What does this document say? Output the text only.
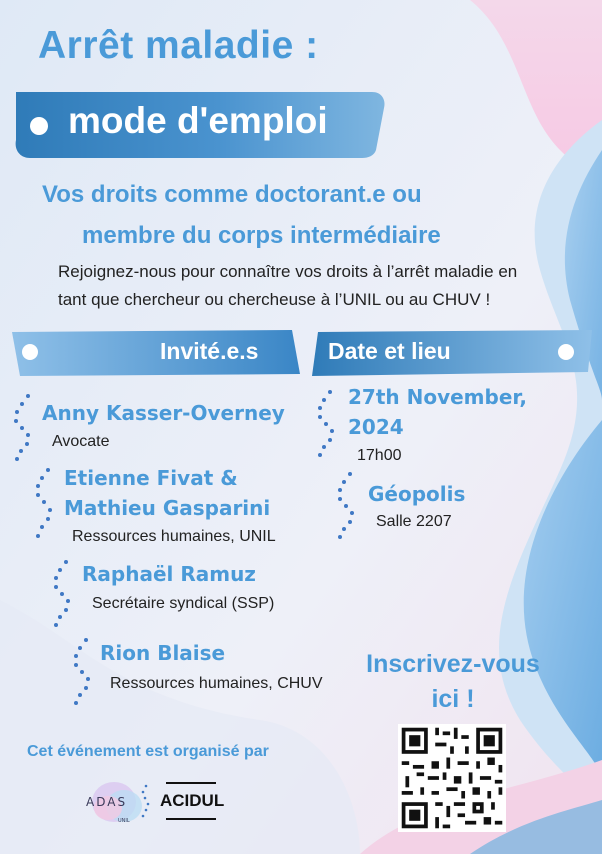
Arrêt maladie :
mode d'emploi
Vos droits comme doctorant.e ou
membre du corps intermédiaire
Rejoignez-nous pour connaître vos droits à l’arrêt maladie en
tant que chercheur ou chercheuse à l’UNIL ou au CHUV !
Invité.e.s	Date et lieu
Anny Kasser-Overney
Avocate
Etienne Fivat &
Mathieu Gasparini
Ressources humaines, UNIL
Raphaël Ramuz
Secrétaire syndical (SSP)
Rion Blaise
Ressources humaines, CHUV
27th November,
2024
17h00
Géopolis
Salle 2207
Inscrivez-vous
ici !
Cet événement est organisé par
ADAS
UNIL
ACIDUL
